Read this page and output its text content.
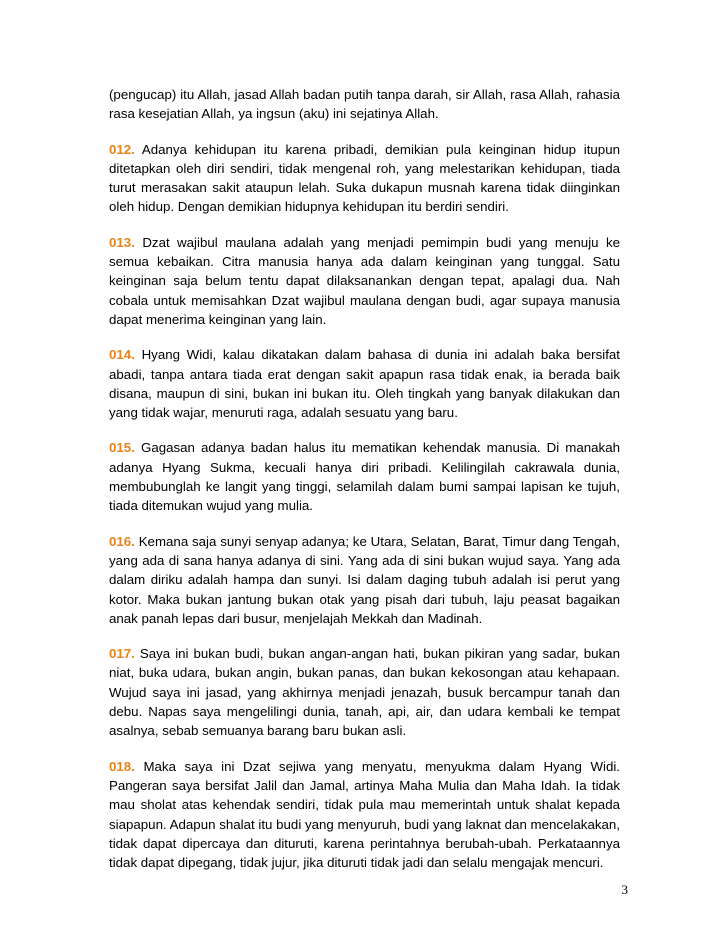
(pengucap) itu Allah, jasad Allah badan putih tanpa darah, sir Allah, rasa Allah, rahasia rasa kesejatian Allah, ya ingsun (aku) ini sejatinya Allah.

012. Adanya kehidupan itu karena pribadi, demikian pula keinginan hidup itupun ditetapkan oleh diri sendiri, tidak mengenal roh, yang melestarikan kehidupan, tiada turut merasakan sakit ataupun lelah. Suka dukapun musnah karena tidak diinginkan oleh hidup. Dengan demikian hidupnya kehidupan itu berdiri sendiri.

013. Dzat wajibul maulana adalah yang menjadi pemimpin budi yang menuju ke semua kebaikan. Citra manusia hanya ada dalam keinginan yang tunggal. Satu keinginan saja belum tentu dapat dilaksanankan dengan tepat, apalagi dua. Nah cobala untuk memisahkan Dzat wajibul maulana dengan budi, agar supaya manusia dapat menerima keinginan yang lain.

014. Hyang Widi, kalau dikatakan dalam bahasa di dunia ini adalah baka bersifat abadi, tanpa antara tiada erat dengan sakit apapun rasa tidak enak, ia berada baik disana, maupun di sini, bukan ini bukan itu. Oleh tingkah yang banyak dilakukan dan yang tidak wajar, menuruti raga, adalah sesuatu yang baru.

015. Gagasan adanya badan halus itu mematikan kehendak manusia. Di manakah adanya Hyang Sukma, kecuali hanya diri pribadi. Kelilingilah cakrawala dunia, membubunglah ke langit yang tinggi, selamilah dalam bumi sampai lapisan ke tujuh, tiada ditemukan wujud yang mulia.

016. Kemana saja sunyi senyap adanya; ke Utara, Selatan, Barat, Timur dang Tengah, yang ada di sana hanya adanya di sini. Yang ada di sini bukan wujud saya. Yang ada dalam diriku adalah hampa dan sunyi. Isi dalam daging tubuh adalah isi perut yang kotor. Maka bukan jantung bukan otak yang pisah dari tubuh, laju peasat bagaikan anak panah lepas dari busur, menjelajah Mekkah dan Madinah.

017. Saya ini bukan budi, bukan angan-angan hati, bukan pikiran yang sadar, bukan niat, buka udara, bukan angin, bukan panas, dan bukan kekosongan atau kehapaan. Wujud saya ini jasad, yang akhirnya menjadi jenazah, busuk bercampur tanah dan debu. Napas saya mengelilingi dunia, tanah, api, air, dan udara kembali ke tempat asalnya, sebab semuanya barang baru bukan asli.

018. Maka saya ini Dzat sejiwa yang menyatu, menyukma dalam Hyang Widi. Pangeran saya bersifat Jalil dan Jamal, artinya Maha Mulia dan Maha Idah. Ia tidak mau sholat atas kehendak sendiri, tidak pula mau memerintah untuk shalat kepada siapapun. Adapun shalat itu budi yang menyuruh, budi yang laknat dan mencelakakan, tidak dapat dipercaya dan dituruti, karena perintahnya berubah-ubah. Perkataannya tidak dapat dipegang, tidak jujur, jika dituruti tidak jadi dan selalu mengajak mencuri.

3
